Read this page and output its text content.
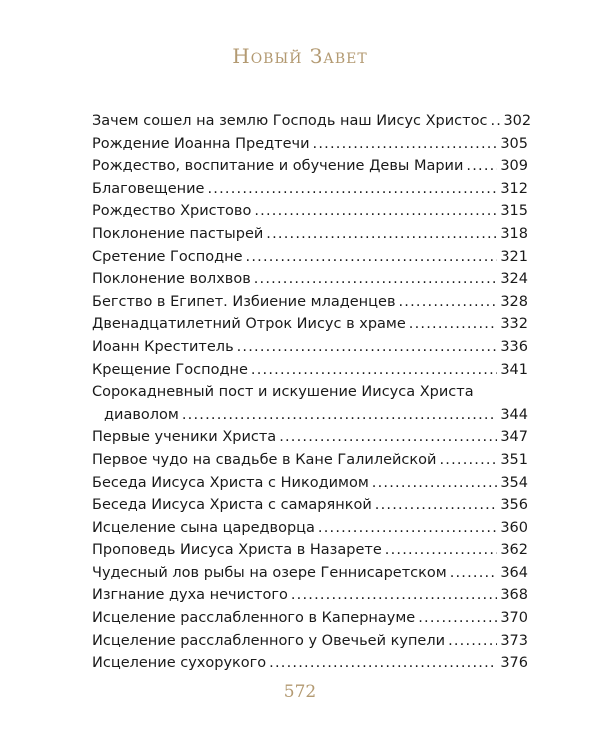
Новый Завет
Зачем сошел на землю Господь наш Иисус Христос ..... 302
Рождение Иоанна Предтечи .....	305
Рождество, воспитание и обучение Девы Марии .....	309
Благовещение .....	312
Рождество Христово .....	315
Поклонение пастырей .....	318
Сретение Господне .....	321
Поклонение волхвов .....	324
Бегство в Египет. Избиение младенцев .....	328
Двенадцатилетний Отрок Иисус в храме .....	332
Иоанн Креститель .....	336
Крещение Господне .....	341
Сорокадневный пост и искушение Иисуса Христа
диаволом .....	344
Первые ученики Христа .....	347
Первое чудо на свадьбе в Кане Галилейской .....	351
Беседа Иисуса Христа с Никодимом .....	354
Беседа Иисуса Христа с самарянкой .....	356
Исцеление сына царедворца .....	360
Проповедь Иисуса Христа в Назарете .....	362
Чудесный лов рыбы на озере Геннисаретском .....	364
Изгнание духа нечистого .....	368
Исцеление расслабленного в Капернауме .....	370
Исцеление расслабленного у Овечьей купели .....	373
Исцеление сухорукого .....	376
572
